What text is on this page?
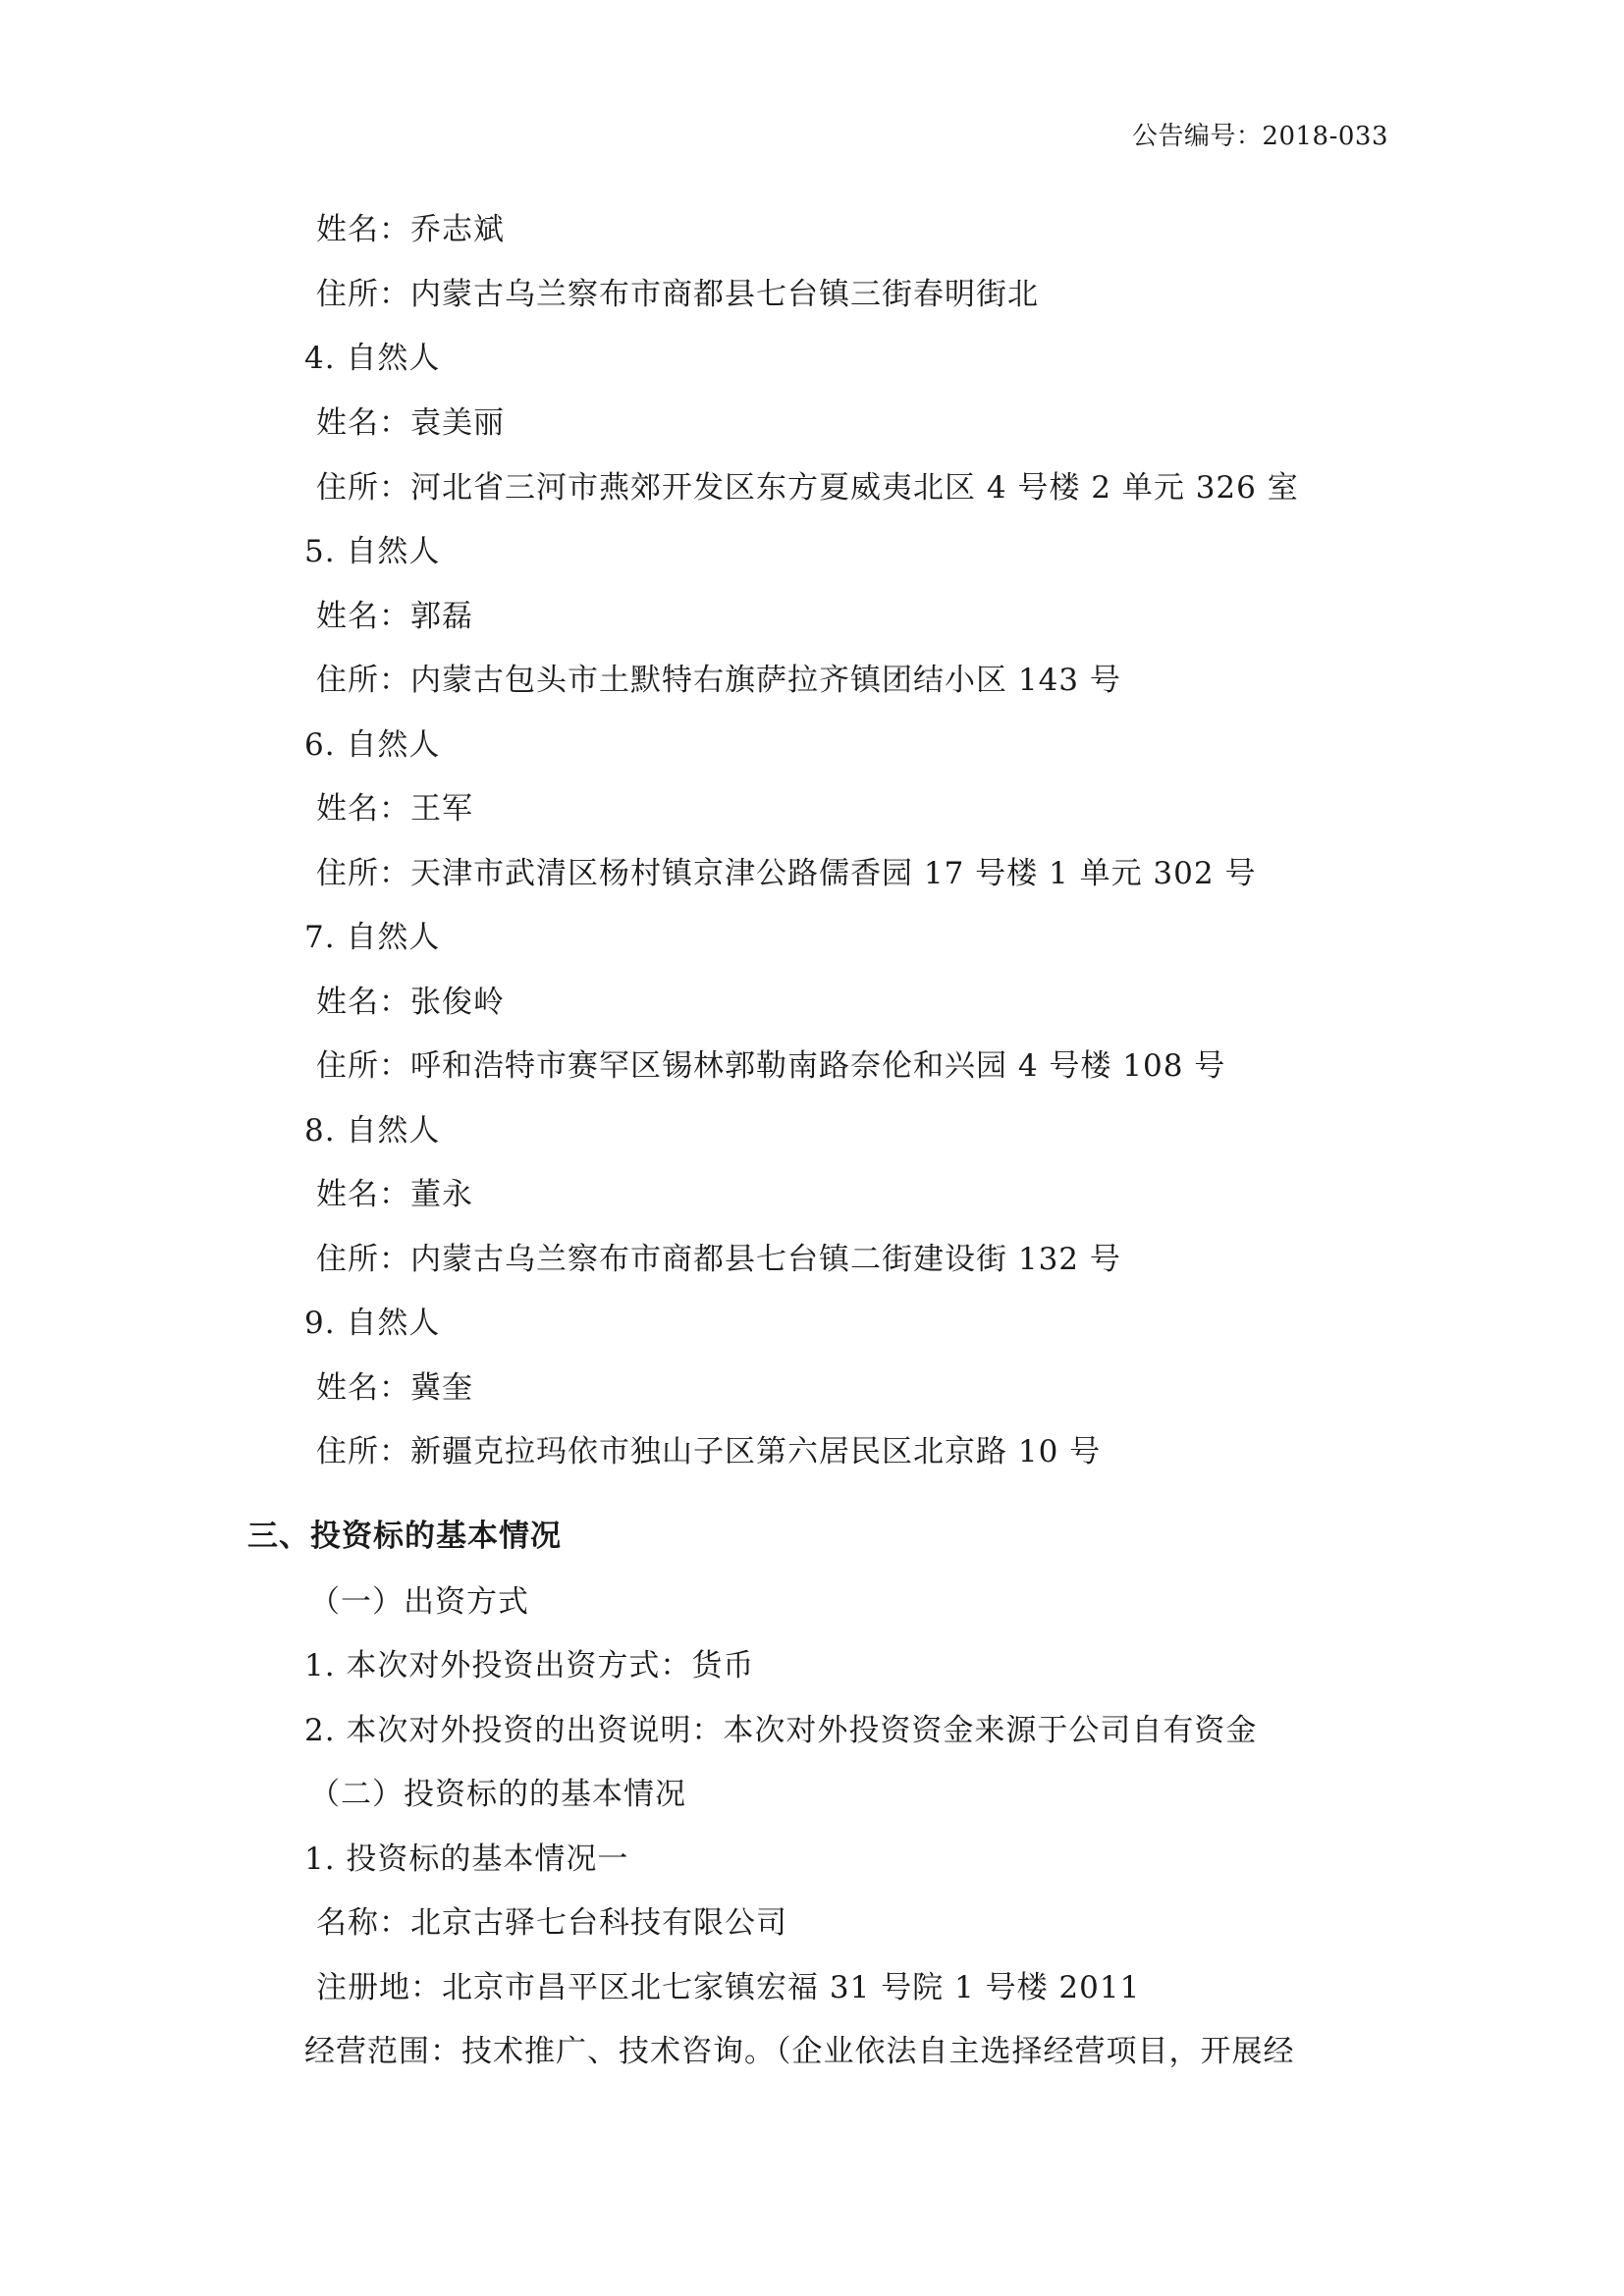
公告编号：2018-033
姓名：乔志斌
住所：内蒙古乌兰察布市商都县七台镇三街春明街北
4. 自然人
姓名：袁美丽
住所：河北省三河市燕郊开发区东方夏威夷北区 4 号楼 2 单元 326 室
5. 自然人
姓名：郭磊
住所：内蒙古包头市土默特右旗萨拉齐镇团结小区 143 号
6. 自然人
姓名：王军
住所：天津市武清区杨村镇京津公路儒香园 17 号楼 1 单元 302 号
7. 自然人
姓名：张俊岭
住所：呼和浩特市赛罕区锡林郭勒南路奈伦和兴园 4 号楼 108 号
8. 自然人
姓名：董永
住所：内蒙古乌兰察布市商都县七台镇二街建设街 132 号
9. 自然人
姓名：冀奎
住所：新疆克拉玛依市独山子区第六居民区北京路 10 号
三、投资标的基本情况
（一）出资方式
1. 本次对外投资出资方式：货币
2. 本次对外投资的出资说明：本次对外投资资金来源于公司自有资金
（二）投资标的的基本情况
1. 投资标的基本情况一
名称：北京古驿七台科技有限公司
注册地：北京市昌平区北七家镇宏福 31 号院 1 号楼 2011
经营范围：技术推广、技术咨询。（企业依法自主选择经营项目，开展经
